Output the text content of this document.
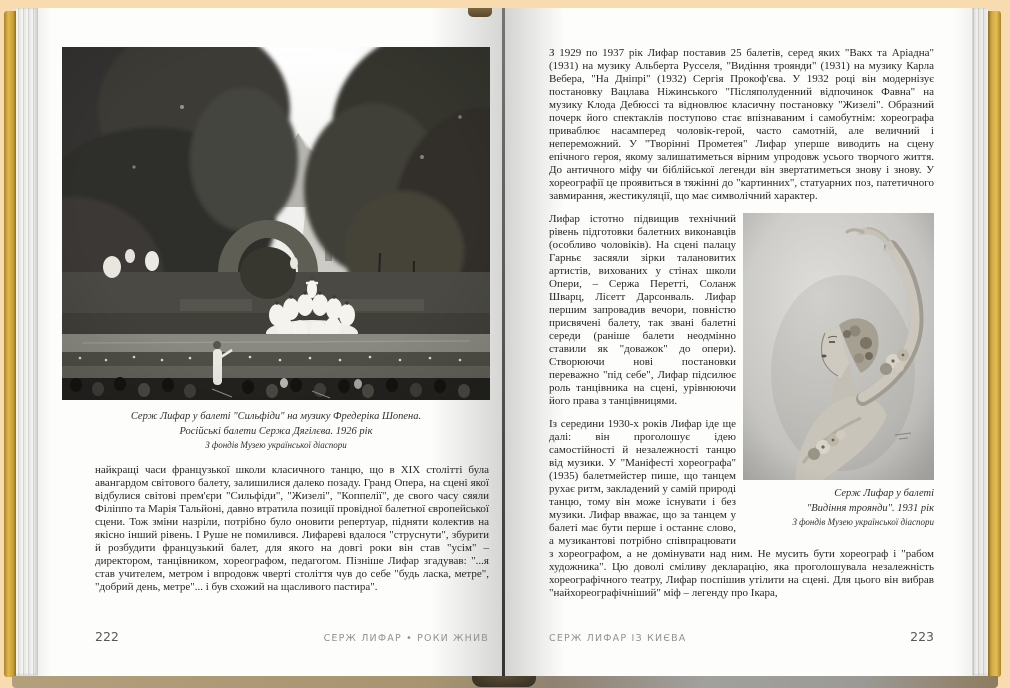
Серж Лифар у балеті "Сильфіди" на музику Фредеріка Шопена.
Російські балети Сержа Дягілєва. 1926 рік
З фондів Музею української діаспори

найкращі часи французької школи класичного танцю, що в XIX столітті була авангардом світового балету, залишилися далеко позаду. Гранд Опера, на сцені якої відбулися світові прем'єри "Сильфіди", "Жизелі", "Коппелії", де свого часу сяяли Філіппо та Марія Тальйоні, давно втратила позиції провідної балетної європейської сцени. Тож зміни назріли, потрібно було оновити репертуар, підняти колектив на якісно інший рівень. І Руше не помилився. Лифареві вдалося "струснути", збурити й розбудити французький балет, для якого на довгі роки він став "усім" – директором, танцівником, хореографом, педагогом. Пізніше Лифар згадував: "...я став учителем, метром і впродовж чверті століття чув до себе "будь ласка, метре", "добрий день, метре"... і був схожий на щасливого пастира".

222	СЕРЖ ЛИФАР • РОКИ ЖНИВ

З 1929 по 1937 рік Лифар поставив 25 балетів, серед яких "Вакх та Аріадна" (1931) на музику Альберта Русселя, "Видіння троянди" (1931) на музику Карла Вебера, "На Дніпрі" (1932) Сергія Прокоф'єва. У 1932 році він модернізує постановку Вацлава Ніжинського "Післяполуденний відпочинок Фавна" на музику Клода Дебюссі та відновлює класичну постановку "Жизелі". Образний почерк його спектаклів поступово стає впізнаваним і самобутнім: хореографа приваблює насамперед чоловік-герой, часто самотній, але величний і непереможний. У "Творінні Прометея" Лифар уперше виводить на сцену епічного героя, якому залишатиметься вірним упродовж усього творчого життя. До античного міфу чи біблійської легенди він звертатиметься знову і знову. У хореографії це проявиться в тяжінні до "картинних", статуарних поз, патетичного завмирання, жестикуляції, що має символічний характер.

Серж Лифар у балеті
"Видіння троянди". 1931 рік
З фондів Музею української діаспори

Лифар істотно підвищив технічний рівень підготовки балетних виконавців (особливо чоловіків). На сцені палацу Гарньє засяяли зірки талановитих артистів, вихованих у стінах школи Опери, – Сержа Перетті, Соланж Шварц, Лісетт Дарсонваль. Лифар першим запровадив вечори, повністю присвячені балету, так звані балетні середи (раніше балети неодмінно ставили як "доважок" до опери). Створюючи нові постановки переважно "під себе", Лифар підсилює роль танцівника на сцені, урівнюючи його права з танцівницями.

Із середини 1930-х років Лифар іде ще далі: він проголошує ідею самостійності й незалежності танцю від музики. У "Маніфесті хореографа" (1935) балетмейстер пише, що танцем рухає ритм, закладений у самій природі танцю, тому він може існувати і без музики. Лифар вважає, що за танцем у балеті має бути перше і останнє слово, а музикантові потрібно співпрацювати з хореографом, а не домінувати над ним. Не мусить бути хореограф і "рабом художника". Цю доволі сміливу декларацію, яка проголошувала незалежність хореографічного театру, Лифар поспішив утілити на сцені. Для цього він вибрав "найхореографічніший" міф – легенду про Ікара,

СЕРЖ ЛИФАР ІЗ КИЄВА	223
